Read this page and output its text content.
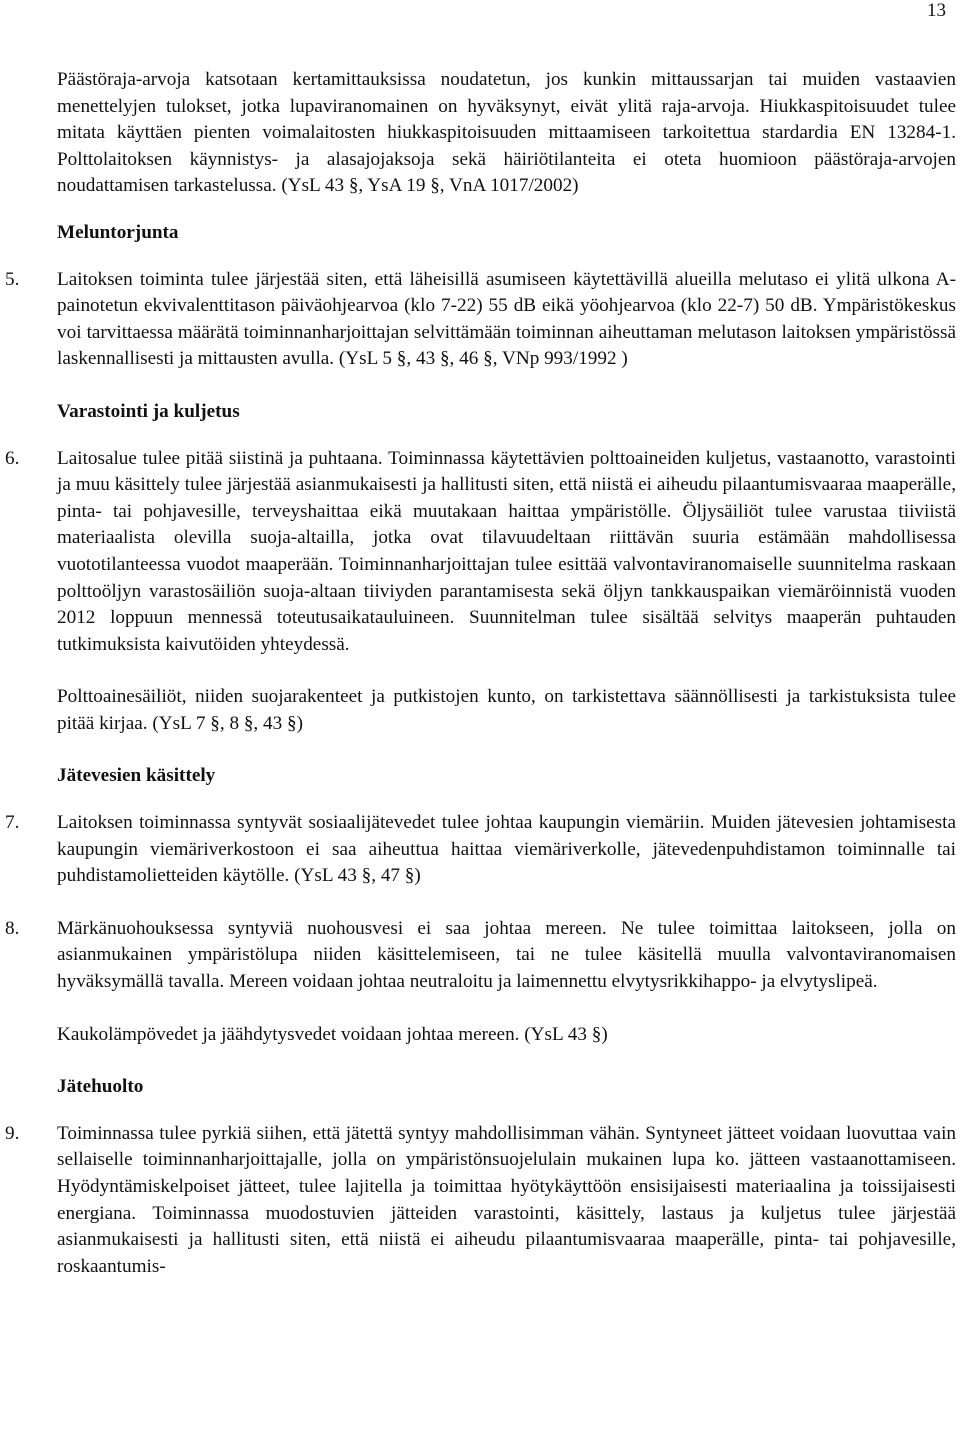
13

Päästöraja-arvoja katsotaan kertamittauksissa noudatetun, jos kunkin mittaussarjan tai muiden vastaavien menettelyjen tulokset, jotka lupaviranomainen on hyväksynyt, eivät ylitä raja-arvoja. Hiukkaspitoisuudet tulee mitata käyttäen pienten voimalaitosten hiukkaspitoisuuden mittaamiseen tarkoitettua stardardia EN 13284-1. Polttolaitoksen käynnistys- ja alasajojaksoja sekä häiriötilanteita ei oteta huomioon päästöraja-arvojen noudattamisen tarkastelussa. (YsL 43 §, YsA 19 §, VnA 1017/2002)

Meluntorjunta
5. Laitoksen toiminta tulee järjestää siten, että läheisillä asumiseen käytettävillä alueilla melutaso ei ylitä ulkona A-painotetun ekvivalenttitason päiväohjearvoa (klo 7-22) 55 dB eikä yöohjearvoa (klo 22-7) 50 dB. Ympäristökeskus voi tarvittaessa määrätä toiminnanharjoittajan selvittämään toiminnan aiheuttaman melutason laitoksen ympäristössä laskennallisesti ja mittausten avulla. (YsL 5 §, 43 §, 46 §, VNp 993/1992 )

Varastointi ja kuljetus
6. Laitosalue tulee pitää siistinä ja puhtaana. Toiminnassa käytettävien polttoaineiden kuljetus, vastaanotto, varastointi ja muu käsittely tulee järjestää asianmukaisesti ja hallitusti siten, että niistä ei aiheudu pilaantumisvaaraa maaperälle, pinta- tai pohjavesille, terveyshaittaa eikä muutakaan haittaa ympäristölle. Öljysäiliöt tulee varustaa tiiviistä materiaalista olevilla suoja-altailla, jotka ovat tilavuudeltaan riittävän suuria estämään mahdollisessa vuototilanteessa vuodot maaperään. Toiminnanharjoittajan tulee esittää valvontaviranomaiselle suunnitelma raskaan polttoöljyn varastosäiliön suoja-altaan tiiviyden parantamisesta sekä öljyn tankkauspaikan viemäröinnistä vuoden 2012 loppuun mennessä toteutusaikatauluineen. Suunnitelman tulee sisältää selvitys maaperän puhtauden tutkimuksista kaivutöiden yhteydessä.

Polttoainesäiliöt, niiden suojarakenteet ja putkistojen kunto, on tarkistettava säännöllisesti ja tarkistuksista tulee pitää kirjaa. (YsL 7 §, 8 §, 43 §)

Jätevesien käsittely
7. Laitoksen toiminnassa syntyvät sosiaalijätevedet tulee johtaa kaupungin viemäriin. Muiden jätevesien johtamisesta kaupungin viemäriverkostoon ei saa aiheuttua haittaa viemäriverkolle, jätevedenpuhdistamon toiminnalle tai puhdistamolietteiden käytölle. (YsL 43 §, 47 §)

8. Märkänuohouksessa syntyviä nuohousvesi ei saa johtaa mereen. Ne tulee toimittaa laitokseen, jolla on asianmukainen ympäristölupa niiden käsittelemiseen, tai ne tulee käsitellä muulla valvontaviranomaisen hyväksymällä tavalla. Mereen voidaan johtaa neutraloitu ja laimennettu elvytysrikkihappo- ja elvytyslipeä.

Kaukolämpövedet ja jäähdytysvedet voidaan johtaa mereen. (YsL 43 §)

Jätehuolto
9. Toiminnassa tulee pyrkiä siihen, että jätettä syntyy mahdollisimman vähän. Syntyneet jätteet voidaan luovuttaa vain sellaiselle toiminnanharjoittajalle, jolla on ympäristönsuojelulain mukainen lupa ko. jätteen vastaanottamiseen. Hyödyntämiskelpoiset jätteet, tulee lajitella ja toimittaa hyötykäyttöön ensisijaisesti materiaalina ja toissijaisesti energiana. Toiminnassa muodostuvien jätteiden varastointi, käsittely, lastaus ja kuljetus tulee järjestää asianmukaisesti ja hallitusti siten, että niistä ei aiheudu pilaantumisvaaraa maaperälle, pinta- tai pohjavesille, roskaantumis-
